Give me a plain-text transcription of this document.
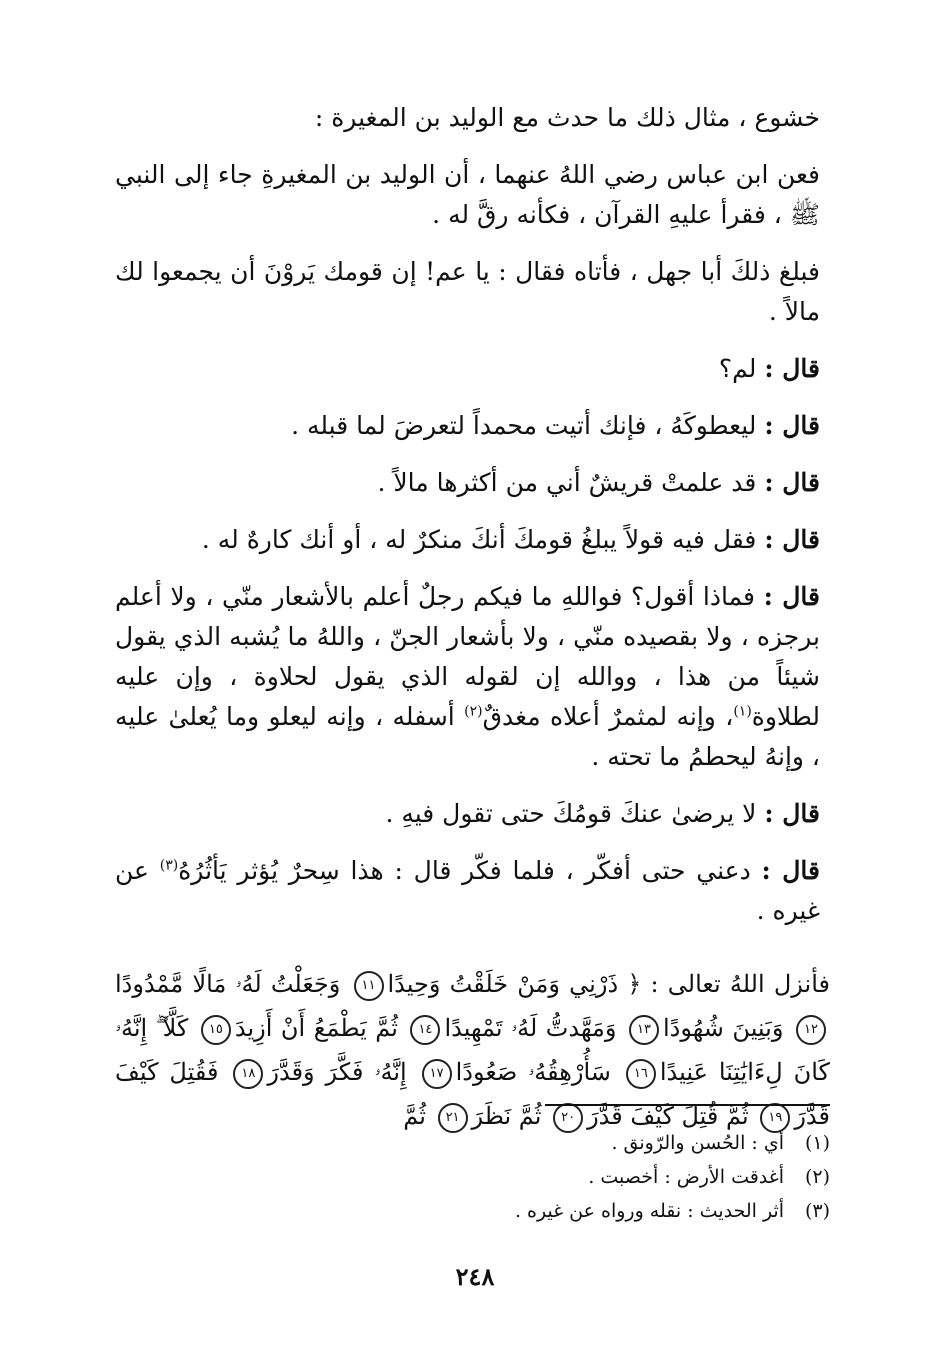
خشوع ، مثال ذلك ما حدث مع الوليد بن المغيرة :

فعن ابن عباس رضي اللهُ عنهما ، أن الوليد بن المغيرةِ جاء إلى النبي ﷺ ، فقرأ عليهِ القرآن ، فكأنه رقَّ له .

فبلغ ذلكَ أبا جهل ، فأتاه فقال : يا عم! إن قومك يَروْنَ أن يجمعوا لك مالاً .

قال : لم؟

قال : ليعطوكَهُ ، فإنك أتيت محمداً لتعرضَ لما قبله .

قال : قد علمتْ قريشٌ أني من أكثرها مالاً .

قال : فقل فيه قولاً يبلغُ قومكَ أنكَ منكرٌ له ، أو أنك كارهٌ له .

قال : فماذا أقول؟ فواللهِ ما فيكم رجلٌ أعلم بالأشعار منّي ، ولا أعلم برجزه ، ولا بقصيده منّي ، ولا بأشعار الجنّ ، واللهُ ما يُشبه الذي يقول شيئاً من هذا ، ووالله إن لقوله الذي يقول لحلاوة ، وإن عليه لطلاوة$^{(١)}$، وإنه لمثمرٌ أعلاه مغدقٌ$^{(٢)}$ أسفله ، وإنه ليعلو وما يُعلىٰ عليه ، وإنهُ ليحطمُ ما تحته .

قال : لا يرضىٰ عنكَ قومُكَ حتى تقول فيهِ .

قال : دعني حتى أفكّر ، فلما فكّر قال : هذا سِحرٌ يُؤثر يَأثُرُهُ$^{(٣)}$ عن غيره .

فأنزل اللهُ تعالى : ﴿ ذَرْنِي وَمَنْ خَلَقْتُ وَحِيدًا١١ وَجَعَلْتُ لَهُۥ مَالًا مَّمْدُودًا١٢ وَبَنِينَ شُهُودًا١٣ وَمَهَّدتُّ لَهُۥ تَمْهِيدًا١٤ ثُمَّ يَطْمَعُ أَنْ أَزِيدَ١٥ كَلَّآ ۖ إِنَّهُۥ كَانَ لِءَايَٰتِنَا عَنِيدًا١٦ سَأُرْهِقُهُۥ صَعُودًا١٧ إِنَّهُۥ فَكَّرَ وَقَدَّرَ١٨ فَقُتِلَ كَيْفَ قَدَّرَ١٩ ثُمَّ قُتِلَ كَيْفَ قَدَّرَ٢٠ ثُمَّ نَظَرَ٢١ ثُمَّ
(١)أي : الحُسن والرّونق .
(٢)أغدقت الأرض : أخصبت .
(٣)أثر الحديث : نقله ورواه عن غيره .
٢٤٨
